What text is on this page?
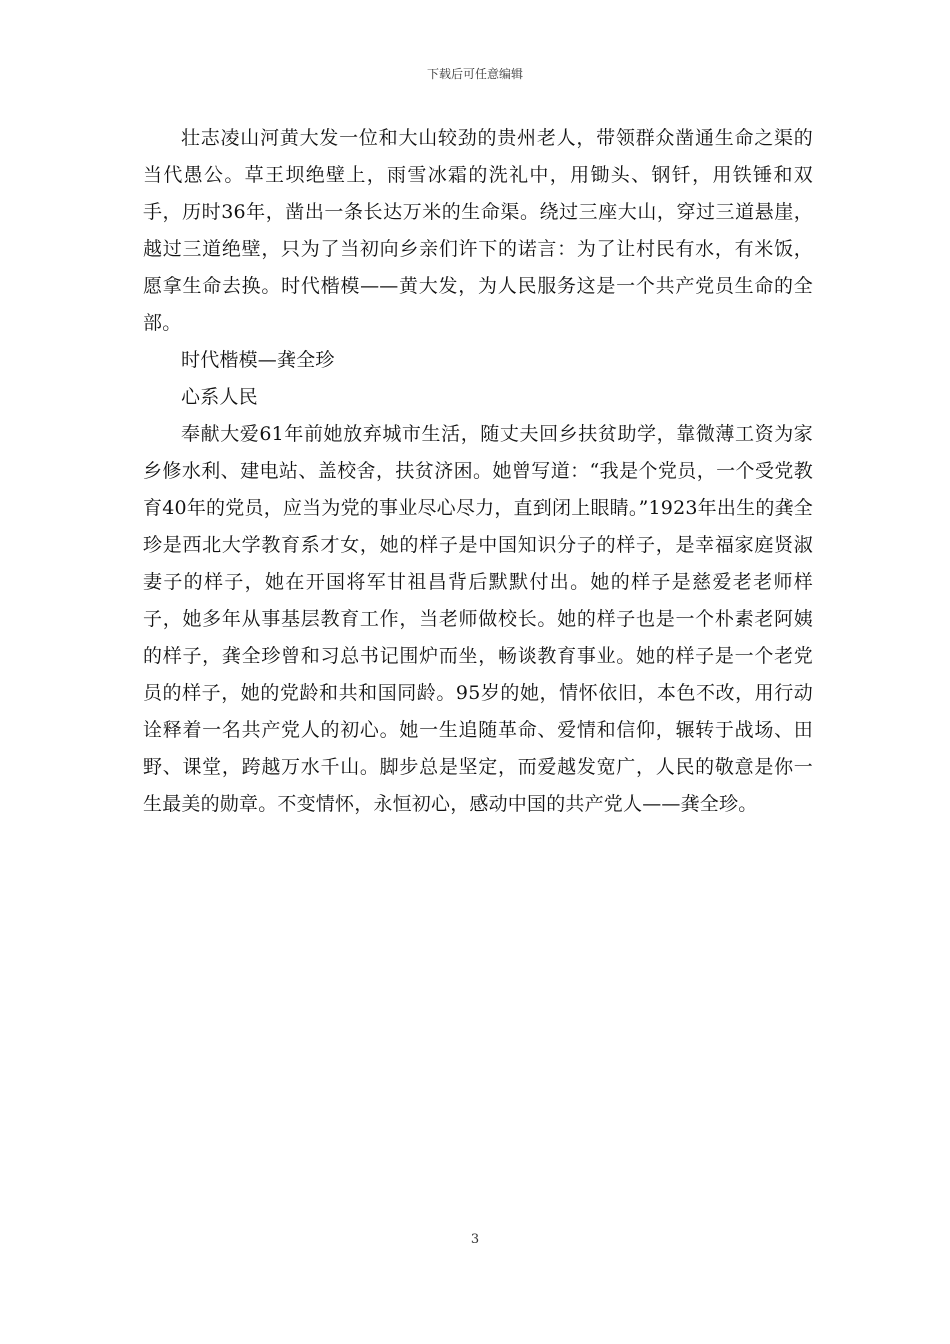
下载后可任意编辑

壮志凌山河黄大发一位和大山较劲的贵州老人，带领群众凿通生命之渠的当代愚公。草王坝绝壁上，雨雪冰霜的洗礼中，用锄头、钢钎，用铁锤和双手，历时36年，凿出一条长达万米的生命渠。绕过三座大山，穿过三道悬崖，越过三道绝壁，只为了当初向乡亲们许下的诺言：为了让村民有水，有米饭，愿拿生命去换。时代楷模——黄大发，为人民服务这是一个共产党员生命的全部。

时代楷模—龚全珍

心系人民

奉献大爱61年前她放弃城市生活，随丈夫回乡扶贫助学，靠微薄工资为家乡修水利、建电站、盖校舍，扶贫济困。她曾写道：“我是个党员，一个受党教育40年的党员，应当为党的事业尽心尽力，直到闭上眼睛。”1923年出生的龚全珍是西北大学教育系才女，她的样子是中国知识分子的样子，是幸福家庭贤淑妻子的样子，她在开国将军甘祖昌背后默默付出。她的样子是慈爱老老师样子，她多年从事基层教育工作，当老师做校长。她的样子也是一个朴素老阿姨的样子，龚全珍曾和习总书记围炉而坐，畅谈教育事业。她的样子是一个老党员的样子，她的党龄和共和国同龄。95岁的她，情怀依旧，本色不改，用行动诠释着一名共产党人的初心。她一生追随革命、爱情和信仰，辗转于战场、田野、课堂，跨越万水千山。脚步总是坚定，而爱越发宽广，人民的敬意是你一生最美的勋章。不变情怀，永恒初心，感动中国的共产党人——龚全珍。

3
